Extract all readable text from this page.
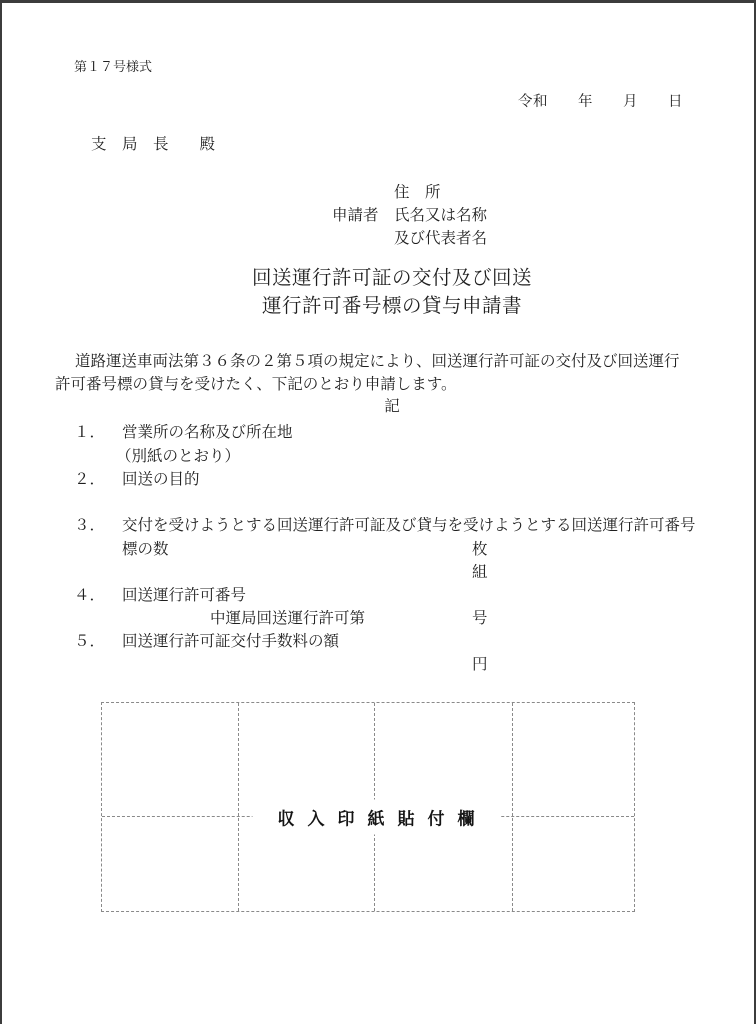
第１７号様式
令和　　年　　月　　日
支　局　長　　殿
申請者
住　所
氏名又は名称
及び代表者名
回送運行許可証の交付及び回送
運行許可番号標の貸与申請書
道路運送車両法第３６条の２第５項の規定により、回送運行許可証の交付及び回送運行
許可番号標の貸与を受けたく、下記のとおり申請します。
記
１． 営業所の名称及び所在地
（別紙のとおり）
２． 回送の目的
３． 交付を受けようとする回送運行許可証及び貸与を受けようとする回送運行許可番号
標の数	枚
組
４． 回送運行許可番号
中運局回送運行許可第	号
５． 回送運行許可証交付手数料の額
円
収入印紙貼付欄
